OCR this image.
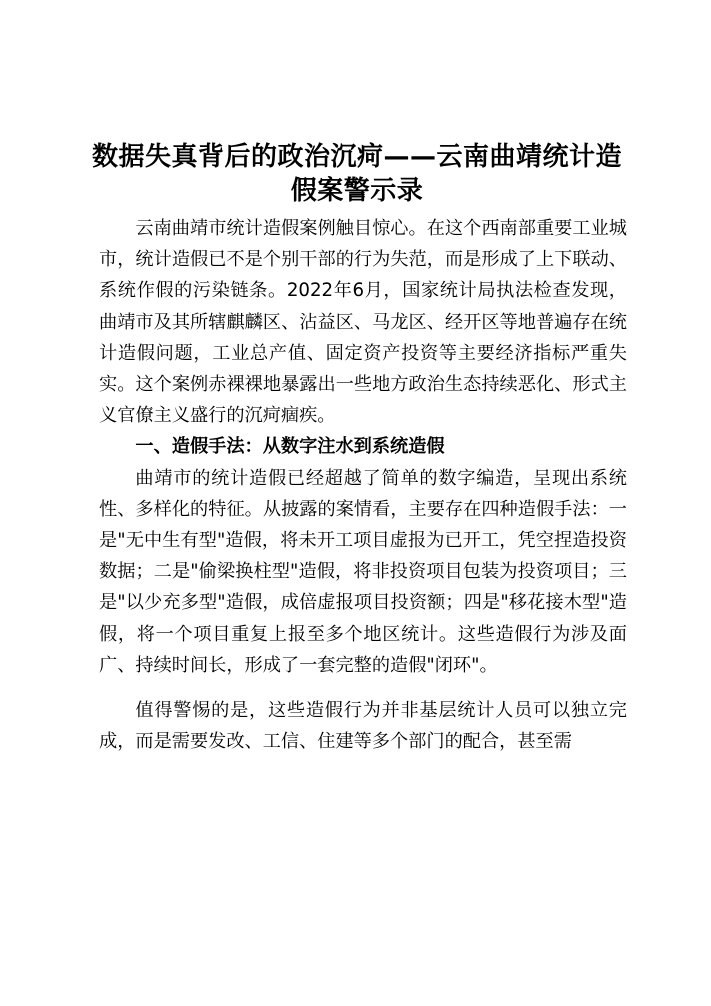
数据失真背后的政治沉疴——云南曲靖统计造假案警示录

云南曲靖市统计造假案例触目惊心。在这个西南部重要工业城市，统计造假已不是个别干部的行为失范，而是形成了上下联动、系统作假的污染链条。2022年6月，国家统计局执法检查发现，曲靖市及其所辖麒麟区、沾益区、马龙区、经开区等地普遍存在统计造假问题，工业总产值、固定资产投资等主要经济指标严重失实。这个案例赤裸裸地暴露出一些地方政治生态持续恶化、形式主义官僚主义盛行的沉疴痼疾。

一、造假手法：从数字注水到系统造假

曲靖市的统计造假已经超越了简单的数字编造，呈现出系统性、多样化的特征。从披露的案情看，主要存在四种造假手法：一是"无中生有型"造假，将未开工项目虚报为已开工，凭空捏造投资数据；二是"偷梁换柱型"造假，将非投资项目包装为投资项目；三是"以少充多型"造假，成倍虚报项目投资额；四是"移花接木型"造假，将一个项目重复上报至多个地区统计。这些造假行为涉及面广、持续时间长，形成了一套完整的造假"闭环"。

值得警惕的是，这些造假行为并非基层统计人员可以独立完成，而是需要发改、工信、住建等多个部门的配合，甚至需
